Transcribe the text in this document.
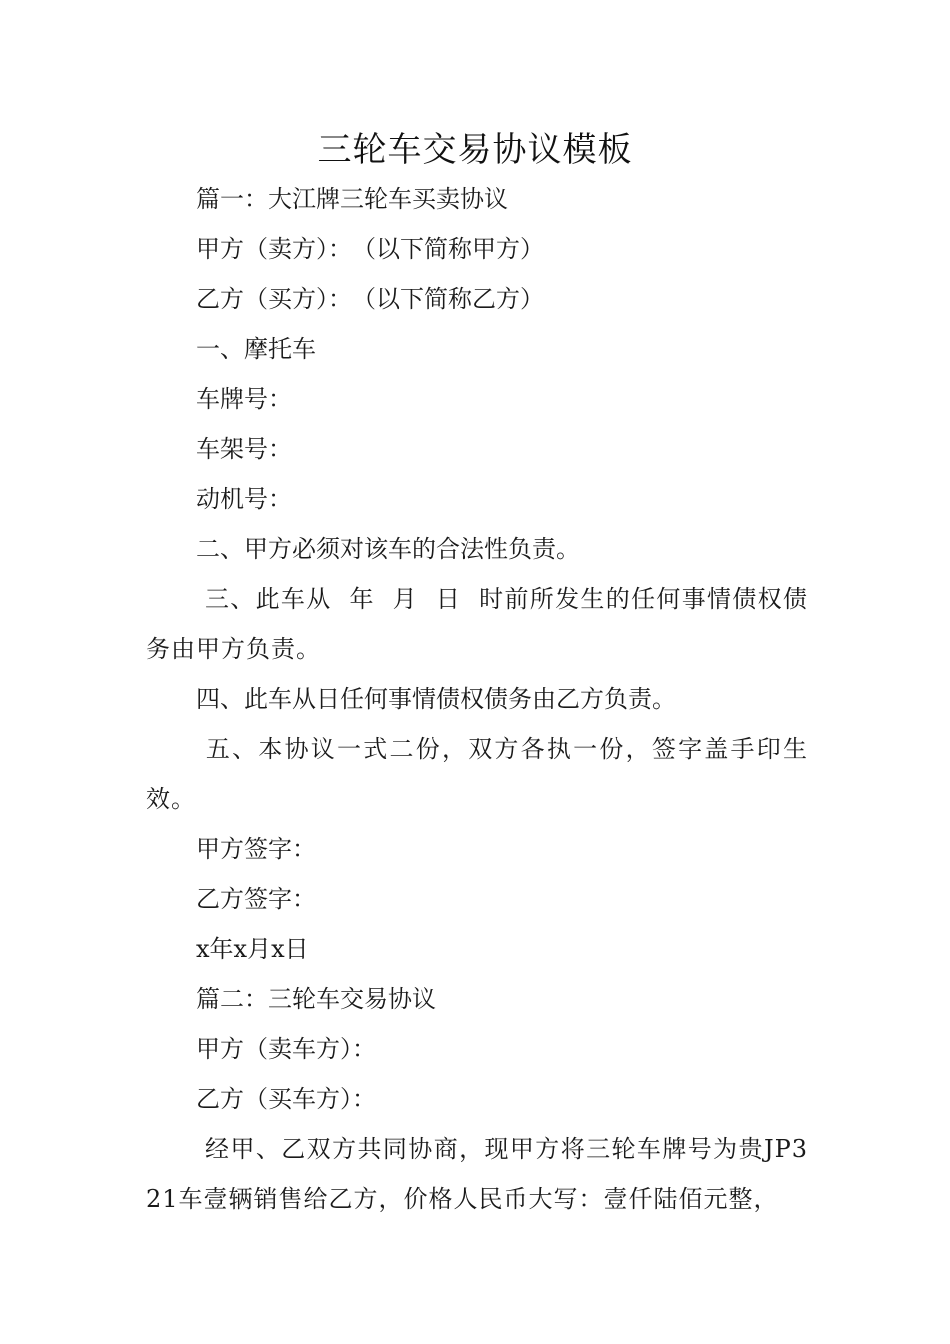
三轮车交易协议模板

篇一：大江牌三轮车买卖协议

甲方（卖方）：　（以下简称甲方）

乙方（买方）：　（以下简称乙方）

一、摩托车

车牌号：

车架号：

动机号：

二、甲方必须对该车的合法性负责。

三、此车从  年  月  日  时前所发生的任何事情债权债务由甲方负责。

四、此车从日任何事情债权债务由乙方负责。

五、本协议一式二份，双方各执一份，签字盖手印生效。

甲方签字：

乙方签字：

x年x月x日

篇二：三轮车交易协议

甲方（卖车方）：

乙方（买车方）：

经甲、乙双方共同协商，现甲方将三轮车牌号为贵JP321车壹辆销售给乙方，价格人民币大写：壹仟陆佰元整，
